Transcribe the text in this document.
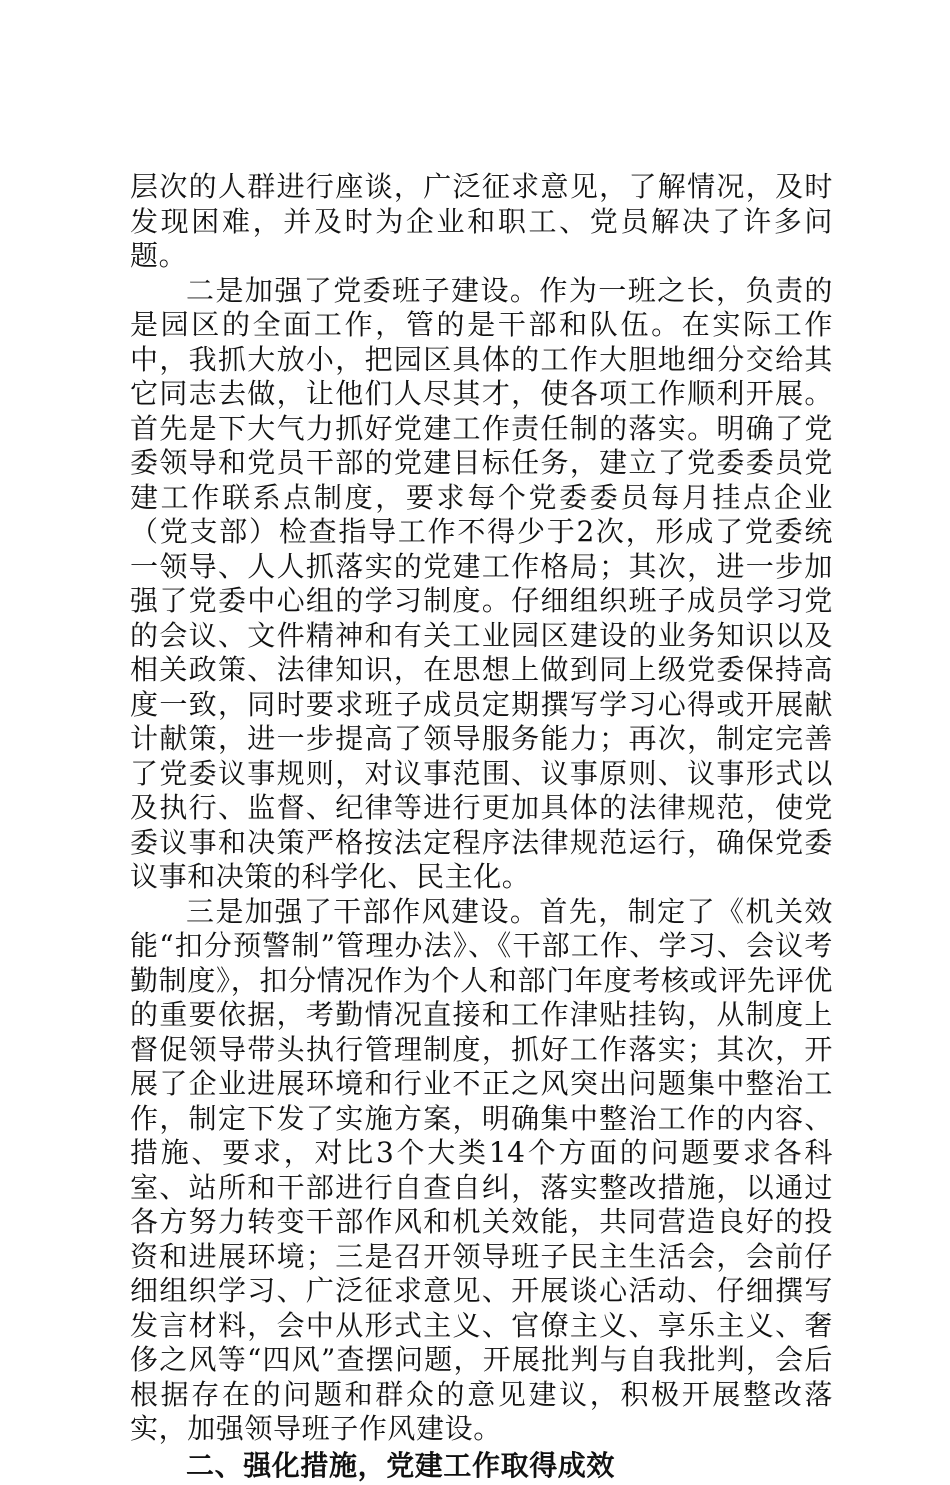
层次的人群进行座谈，广泛征求意见，了解情况，及时发现困难，并及时为企业和职工、党员解决了许多问题。

二是加强了党委班子建设。作为一班之长，负责的是园区的全面工作，管的是干部和队伍。在实际工作中，我抓大放小，把园区具体的工作大胆地细分交给其它同志去做，让他们人尽其才，使各项工作顺利开展。首先是下大气力抓好党建工作责任制的落实。明确了党委领导和党员干部的党建目标任务，建立了党委委员党建工作联系点制度，要求每个党委委员每月挂点企业（党支部）检查指导工作不得少于2次，形成了党委统一领导、人人抓落实的党建工作格局；其次，进一步加强了党委中心组的学习制度。仔细组织班子成员学习党的会议、文件精神和有关工业园区建设的业务知识以及相关政策、法律知识，在思想上做到同上级党委保持高度一致，同时要求班子成员定期撰写学习心得或开展献计献策，进一步提高了领导服务能力；再次，制定完善了党委议事规则，对议事范围、议事原则、议事形式以及执行、监督、纪律等进行更加具体的法律规范，使党委议事和决策严格按法定程序法律规范运行，确保党委议事和决策的科学化、民主化。

三是加强了干部作风建设。首先，制定了《机关效能“扣分预警制”管理办法》、《干部工作、学习、会议考勤制度》，扣分情况作为个人和部门年度考核或评先评优的重要依据，考勤情况直接和工作津贴挂钩，从制度上督促领导带头执行管理制度，抓好工作落实；其次，开展了企业进展环境和行业不正之风突出问题集中整治工作，制定下发了实施方案，明确集中整治工作的内容、措施、要求，对比3个大类14个方面的问题要求各科室、站所和干部进行自查自纠，落实整改措施，以通过各方努力转变干部作风和机关效能，共同营造良好的投资和进展环境；三是召开领导班子民主生活会，会前仔细组织学习、广泛征求意见、开展谈心活动、仔细撰写发言材料，会中从形式主义、官僚主义、享乐主义、奢侈之风等“四风”查摆问题，开展批判与自我批判，会后根据存在的问题和群众的意见建议，积极开展整改落实，加强领导班子作风建设。

二、强化措施，党建工作取得成效
